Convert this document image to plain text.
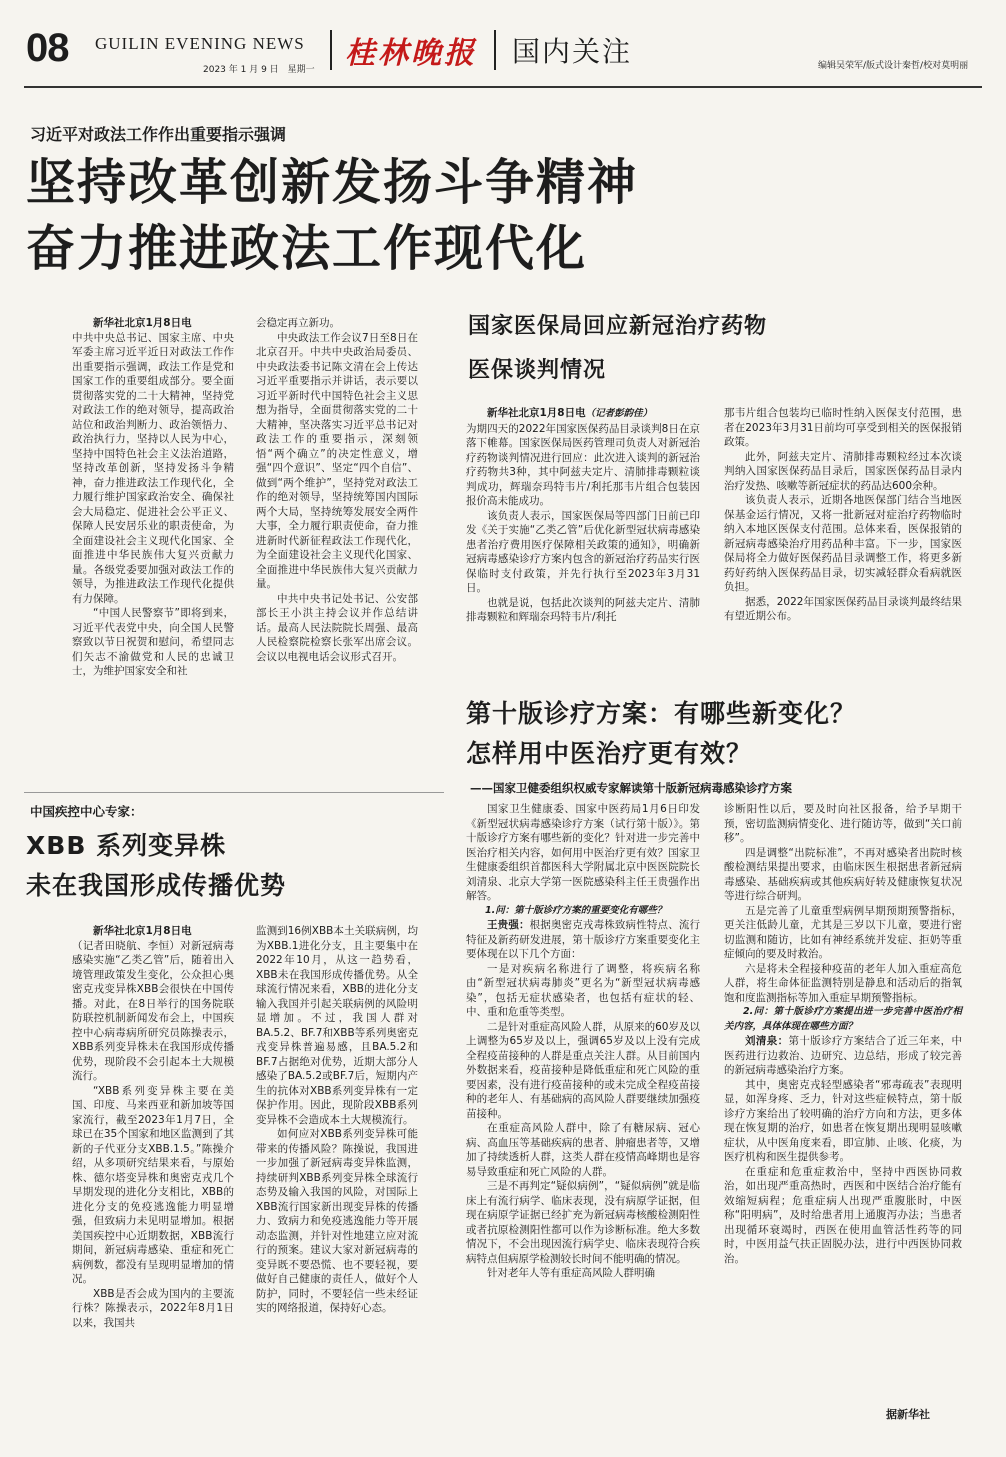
08 GUILIN EVENING NEWS
2023 年 1 月 9 日　星期一 桂林晚报 国内关注	编辑吴荣军/版式设计秦哲/校对莫明丽
习近平对政法工作作出重要指示强调
坚持改革创新发扬斗争精神
奋力推进政法工作现代化

新华社北京1月8日电

中共中央总书记、国家主席、中央军委主席习近平近日对政法工作作出重要指示强调，政法工作是党和国家工作的重要组成部分。要全面贯彻落实党的二十大精神，坚持党对政法工作的绝对领导，提高政治站位和政治判断力、政治领悟力、政治执行力，坚持以人民为中心，坚持中国特色社会主义法治道路，坚持改革创新，坚持发扬斗争精神，奋力推进政法工作现代化，全力履行维护国家政治安全、确保社会大局稳定、促进社会公平正义、保障人民安居乐业的职责使命，为全面建设社会主义现代化国家、全面推进中华民族伟大复兴贡献力量。各级党委要加强对政法工作的领导，为推进政法工作现代化提供有力保障。

“中国人民警察节”即将到来，习近平代表党中央，向全国人民警察致以节日祝贺和慰问，希望同志们矢志不渝做党和人民的忠诚卫士，为维护国家安全和社

会稳定再立新功。

中央政法工作会议7日至8日在北京召开。中共中央政治局委员、中央政法委书记陈文清在会上传达习近平重要指示并讲话，表示要以习近平新时代中国特色社会主义思想为指导，全面贯彻落实党的二十大精神，坚决落实习近平总书记对政法工作的重要指示，深刻领悟“两个确立”的决定性意义，增强“四个意识”、坚定“四个自信”、做到“两个维护”，坚持党对政法工作的绝对领导，坚持统筹国内国际两个大局，坚持统筹发展安全两件大事，全力履行职责使命，奋力推进新时代新征程政法工作现代化，为全面建设社会主义现代化国家、全面推进中华民族伟大复兴贡献力量。

中共中央书记处书记、公安部部长王小洪主持会议并作总结讲话。最高人民法院院长周强、最高人民检察院检察长张军出席会议。会议以电视电话会议形式召开。

国家医保局回应新冠治疗药物
医保谈判情况

新华社北京1月8日电（记者彭韵佳）

为期四天的2022年国家医保药品目录谈判8日在京落下帷幕。国家医保局医药管理司负责人对新冠治疗药物谈判情况进行回应：此次进入谈判的新冠治疗药物共3种，其中阿兹夫定片、清肺排毒颗粒谈判成功，辉瑞奈玛特韦片/利托那韦片组合包装因报价高未能成功。

该负责人表示，国家医保局等四部门日前已印发《关于实施“乙类乙管”后优化新型冠状病毒感染患者治疗费用医疗保障相关政策的通知》，明确新冠病毒感染诊疗方案内包含的新冠治疗药品实行医保临时支付政策，并先行执行至2023年3月31日。

也就是说，包括此次谈判的阿兹夫定片、清肺排毒颗粒和辉瑞奈玛特韦片/利托

那韦片组合包装均已临时性纳入医保支付范围，患者在2023年3月31日前均可享受到相关的医保报销政策。

此外，阿兹夫定片、清肺排毒颗粒经过本次谈判纳入国家医保药品目录后，国家医保药品目录内治疗发热、咳嗽等新冠症状的药品达600余种。

该负责人表示，近期各地医保部门结合当地医保基金运行情况，又将一批新冠对症治疗药物临时纳入本地区医保支付范围。总体来看，医保报销的新冠病毒感染治疗用药品种丰富。下一步，国家医保局将全力做好医保药品目录调整工作，将更多新药好药纳入医保药品目录，切实减轻群众看病就医负担。

据悉，2022年国家医保药品目录谈判最终结果有望近期公布。

中国疾控中心专家：
XBB 系列变异株
未在我国形成传播优势

新华社北京1月8日电

（记者田晓航、李恒）对新冠病毒感染实施“乙类乙管”后，随着出入境管理政策发生变化，公众担心奥密克戎变异株XBB会很快在中国传播。对此，在8日举行的国务院联防联控机制新闻发布会上，中国疾控中心病毒病所研究员陈操表示，XBB系列变异株未在我国形成传播优势，现阶段不会引起本土大规模流行。

“XBB系列变异株主要在美国、印度、马来西亚和新加坡等国家流行，截至2023年1月7日，全球已在35个国家和地区监测到了其新的子代亚分支XBB.1.5。”陈操介绍，从多项研究结果来看，与原始株、德尔塔变异株和奥密克戎几个早期发现的进化分支相比，XBB的进化分支的免疫逃逸能力明显增强，但致病力未见明显增加。根据美国疾控中心近期数据，XBB流行期间，新冠病毒感染、重症和死亡病例数，都没有呈现明显增加的情况。

XBB是否会成为国内的主要流行株？陈操表示，2022年8月1日以来，我国共

监测到16例XBB本土关联病例，均为XBB.1进化分支，且主要集中在2022年10月，从这一趋势看，XBB未在我国形成传播优势。从全球流行情况来看，XBB的进化分支输入我国并引起关联病例的风险明显增加。不过，我国人群对BA.5.2、BF.7和XBB等系列奥密克戎变异株普遍易感，且BA.5.2和BF.7占据绝对优势，近期大部分人感染了BA.5.2或BF.7后，短期内产生的抗体对XBB系列变异株有一定保护作用。因此，现阶段XBB系列变异株不会造成本土大规模流行。

如何应对XBB系列变异株可能带来的传播风险？陈操说，我国进一步加强了新冠病毒变异株监测，持续研判XBB系列变异株全球流行态势及输入我国的风险，对国际上XBB流行国家新出现变异株的传播力、致病力和免疫逃逸能力等开展动态监测，并针对性地建立应对流行的预案。建议大家对新冠病毒的变异既不要恐慌、也不要轻视，要做好自己健康的责任人，做好个人防护，同时，不要轻信一些未经证实的网络报道，保持好心态。

第十版诊疗方案：有哪些新变化？
怎样用中医治疗更有效？
——国家卫健委组织权威专家解读第十版新冠病毒感染诊疗方案

国家卫生健康委、国家中医药局1月6日印发《新型冠状病毒感染诊疗方案（试行第十版）》。第十版诊疗方案有哪些新的变化？针对进一步完善中医治疗相关内容，如何用中医治疗更有效？国家卫生健康委组织首都医科大学附属北京中医医院院长刘清泉、北京大学第一医院感染科主任王贵强作出解答。

1.问：第十版诊疗方案的重要变化有哪些？

王贵强：根据奥密克戎毒株致病性特点、流行特征及新药研发进展，第十版诊疗方案重要变化主要体现在以下几个方面：

一是对疾病名称进行了调整，将疾病名称由“新型冠状病毒肺炎”更名为“新型冠状病毒感染”，包括无症状感染者，也包括有症状的轻、中、重和危重等类型。

二是针对重症高风险人群，从原来的60岁及以上调整为65岁及以上，强调65岁及以上没有完成全程疫苗接种的人群是重点关注人群。从目前国内外数据来看，疫苗接种是降低重症和死亡风险的重要因素，没有进行疫苗接种的或未完成全程疫苗接种的老年人、有基础病的高风险人群要继续加强疫苗接种。

在重症高风险人群中，除了有糖尿病、冠心病、高血压等基础疾病的患者、肿瘤患者等，又增加了持续透析人群，这类人群在疫情高峰期也是容易导致重症和死亡风险的人群。

三是不再判定“疑似病例”，“疑似病例”就是临床上有流行病学、临床表现，没有病原学证据，但现在病原学证据已经扩充为新冠病毒核酸检测阳性或者抗原检测阳性都可以作为诊断标准。绝大多数情况下，不会出现因流行病学史、临床表现符合疾病特点但病原学检测较长时间不能明确的情况。

针对老年人等有重症高风险人群明确

诊断阳性以后，要及时向社区报备，给予早期干预，密切监测病情变化、进行随访等，做到“关口前移”。

四是调整“出院标准”，不再对感染者出院时核酸检测结果提出要求，由临床医生根据患者新冠病毒感染、基础疾病或其他疾病好转及健康恢复状况等进行综合研判。

五是完善了儿童重型病例早期预期预警指标，更关注低龄儿童，尤其是三岁以下儿童，要进行密切监测和随访，比如有神经系统并发症、拒奶等重症倾向的要及时救治。

六是将未全程接种疫苗的老年人加入重症高危人群，将生命体征监测特别是静息和活动后的指氧饱和度监测指标等加入重症早期预警指标。

2.问：第十版诊疗方案提出进一步完善中医治疗相关内容，具体体现在哪些方面？

刘清泉：第十版诊疗方案结合了近三年来，中医药进行边救治、边研究、边总结，形成了较完善的新冠病毒感染治疗方案。

其中，奥密克戎轻型感染者“邪毒疏表”表现明显，如浑身疼、乏力，针对这些症候特点，第十版诊疗方案给出了较明确的治疗方向和方法，更多体现在恢复期的治疗，如患者在恢复期出现明显咳嗽症状，从中医角度来看，即宣肺、止咳、化痰，为医疗机构和医生提供参考。

在重症和危重症救治中，坚持中西医协同救治，如出现严重高热时，西医和中医结合治疗能有效缩短病程；危重症病人出现严重腹胀时，中医称“阳明病”，及时给患者用上通腹泻办法；当患者出现循环衰竭时，西医在使用血管活性药等的同时，中医用益气扶正固脱办法，进行中西医协同救治。

据新华社
